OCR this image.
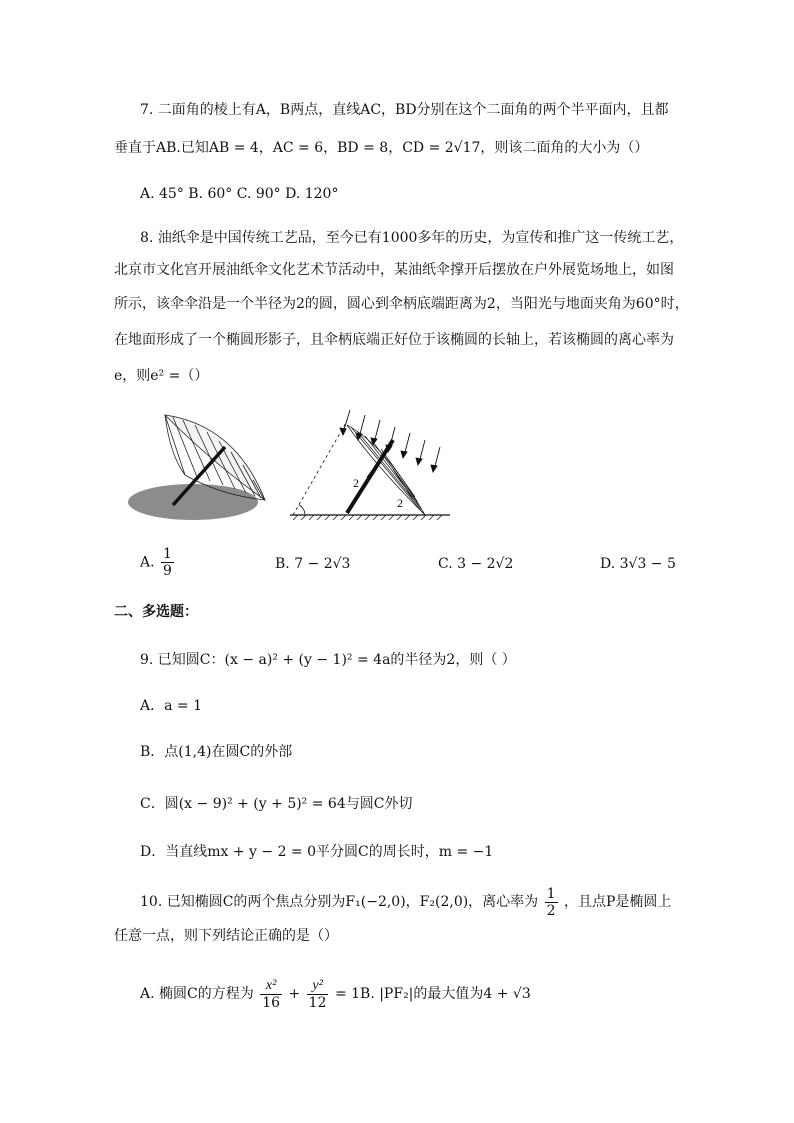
7. 二面角的棱上有A，B两点，直线AC，BD分别在这个二面角的两个半平面内，且都
垂直于AB.已知AB = 4，AC = 6，BD = 8，CD = 2√17，则该二面角的大小为（）
A. 45° B. 60° C. 90° D. 120°
8. 油纸伞是中国传统工艺品，至今已有1000多年的历史，为宣传和推广这一传统工艺，
北京市文化宫开展油纸伞文化艺术节活动中，某油纸伞撑开后摆放在户外展览场地上，如图
所示，该伞伞沿是一个半径为2的圆，圆心到伞柄底端距离为2，当阳光与地面夹角为60°时，
在地面形成了一个椭圆形影子，且伞柄底端正好位于该椭圆的长轴上，若该椭圆的离心率为
e，则e² =（）
2
2
A. $\frac{1}{9}$	B. 7 − 2√3	C. 3 − 2√2	D. 3√3 − 5
二、多选题：
9. 已知圆C：(x − a)² + (y − 1)² = 4a的半径为2，则（ ）
A．a = 1
B．点(1,4)在圆C的外部
C．圆(x − 9)² + (y + 5)² = 64与圆C外切
D．当直线mx + y − 2 = 0平分圆C的周长时，m = −1
10. 已知椭圆C的两个焦点分别为F₁(−2,0)，F₂(2,0)，离心率为 $\frac{1}{2}$ ，且点P是椭圆上
任意一点，则下列结论正确的是（）
A. 椭圆C的方程为 $\frac{\text{x²}}{16} + \frac{\text{y²}}{12} = 1B$. |PF₂|的最大值为4 + √3
